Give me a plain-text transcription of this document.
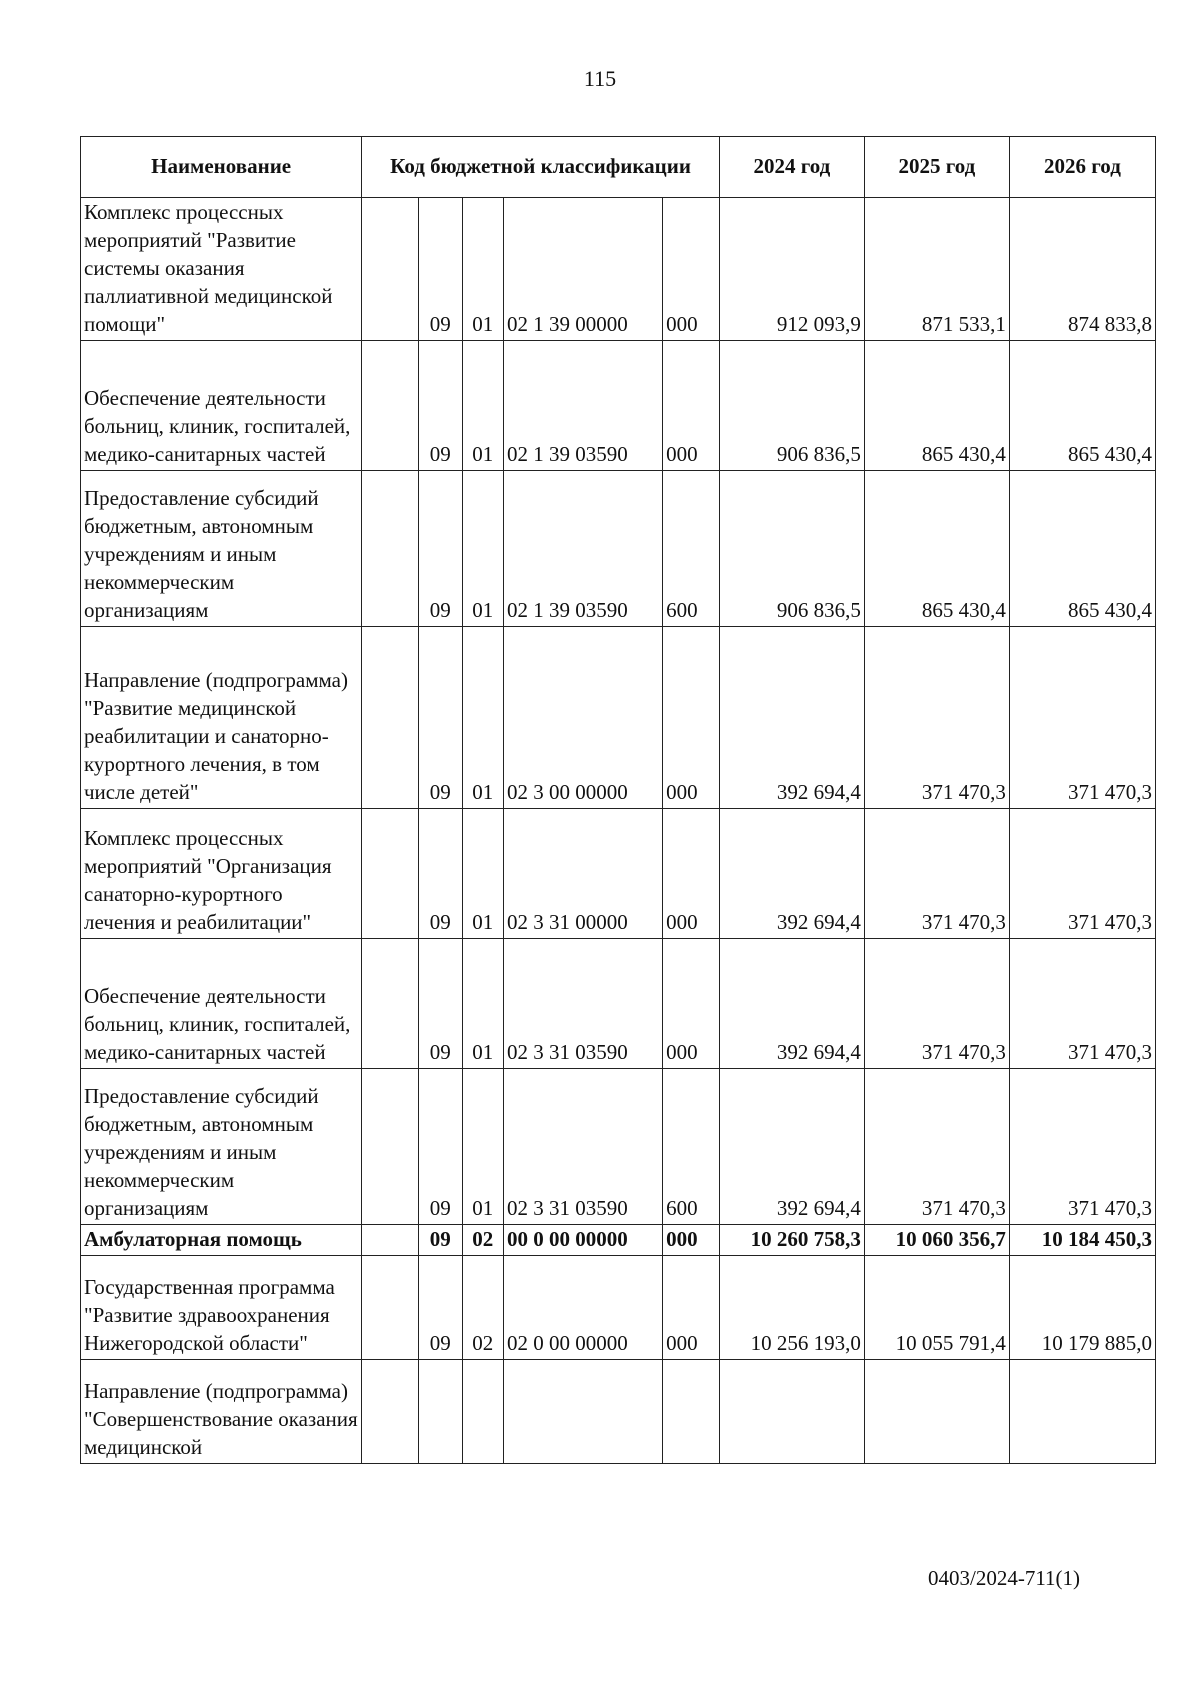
115
Наименование	Код бюджетной классификации					2024 год	2025 год	2026 год
Комплекс процессных мероприятий "Развитие системы оказания паллиативной медицинской помощи"		09	01	02 1 39 00000	000	912 093,9	871 533,1	874 833,8
Обеспечение деятельности больниц, клиник, госпиталей, медико-санитарных частей		09	01	02 1 39 03590	000	906 836,5	865 430,4	865 430,4
Предоставление субсидий бюджетным, автономным учреждениям и иным некоммерческим организациям		09	01	02 1 39 03590	600	906 836,5	865 430,4	865 430,4
Направление (подпрограмма) "Развитие медицинской реабилитации и санаторно-курортного лечения, в том числе детей"		09	01	02 3 00 00000	000	392 694,4	371 470,3	371 470,3
Комплекс процессных мероприятий "Организация санаторно-курортного лечения и реабилитации"		09	01	02 3 31 00000	000	392 694,4	371 470,3	371 470,3
Обеспечение деятельности больниц, клиник, госпиталей, медико-санитарных частей		09	01	02 3 31 03590	000	392 694,4	371 470,3	371 470,3
Предоставление субсидий бюджетным, автономным учреждениям и иным некоммерческим организациям		09	01	02 3 31 03590	600	392 694,4	371 470,3	371 470,3
Амбулаторная помощь		09	02	00 0 00 00000	000	10 260 758,3	10 060 356,7	10 184 450,3
Государственная программа "Развитие здравоохранения Нижегородской области"		09	02	02 0 00 00000	000	10 256 193,0	10 055 791,4	10 179 885,0
Направление (подпрограмма) "Совершенствование оказания медицинской								
0403/2024-711(1)
